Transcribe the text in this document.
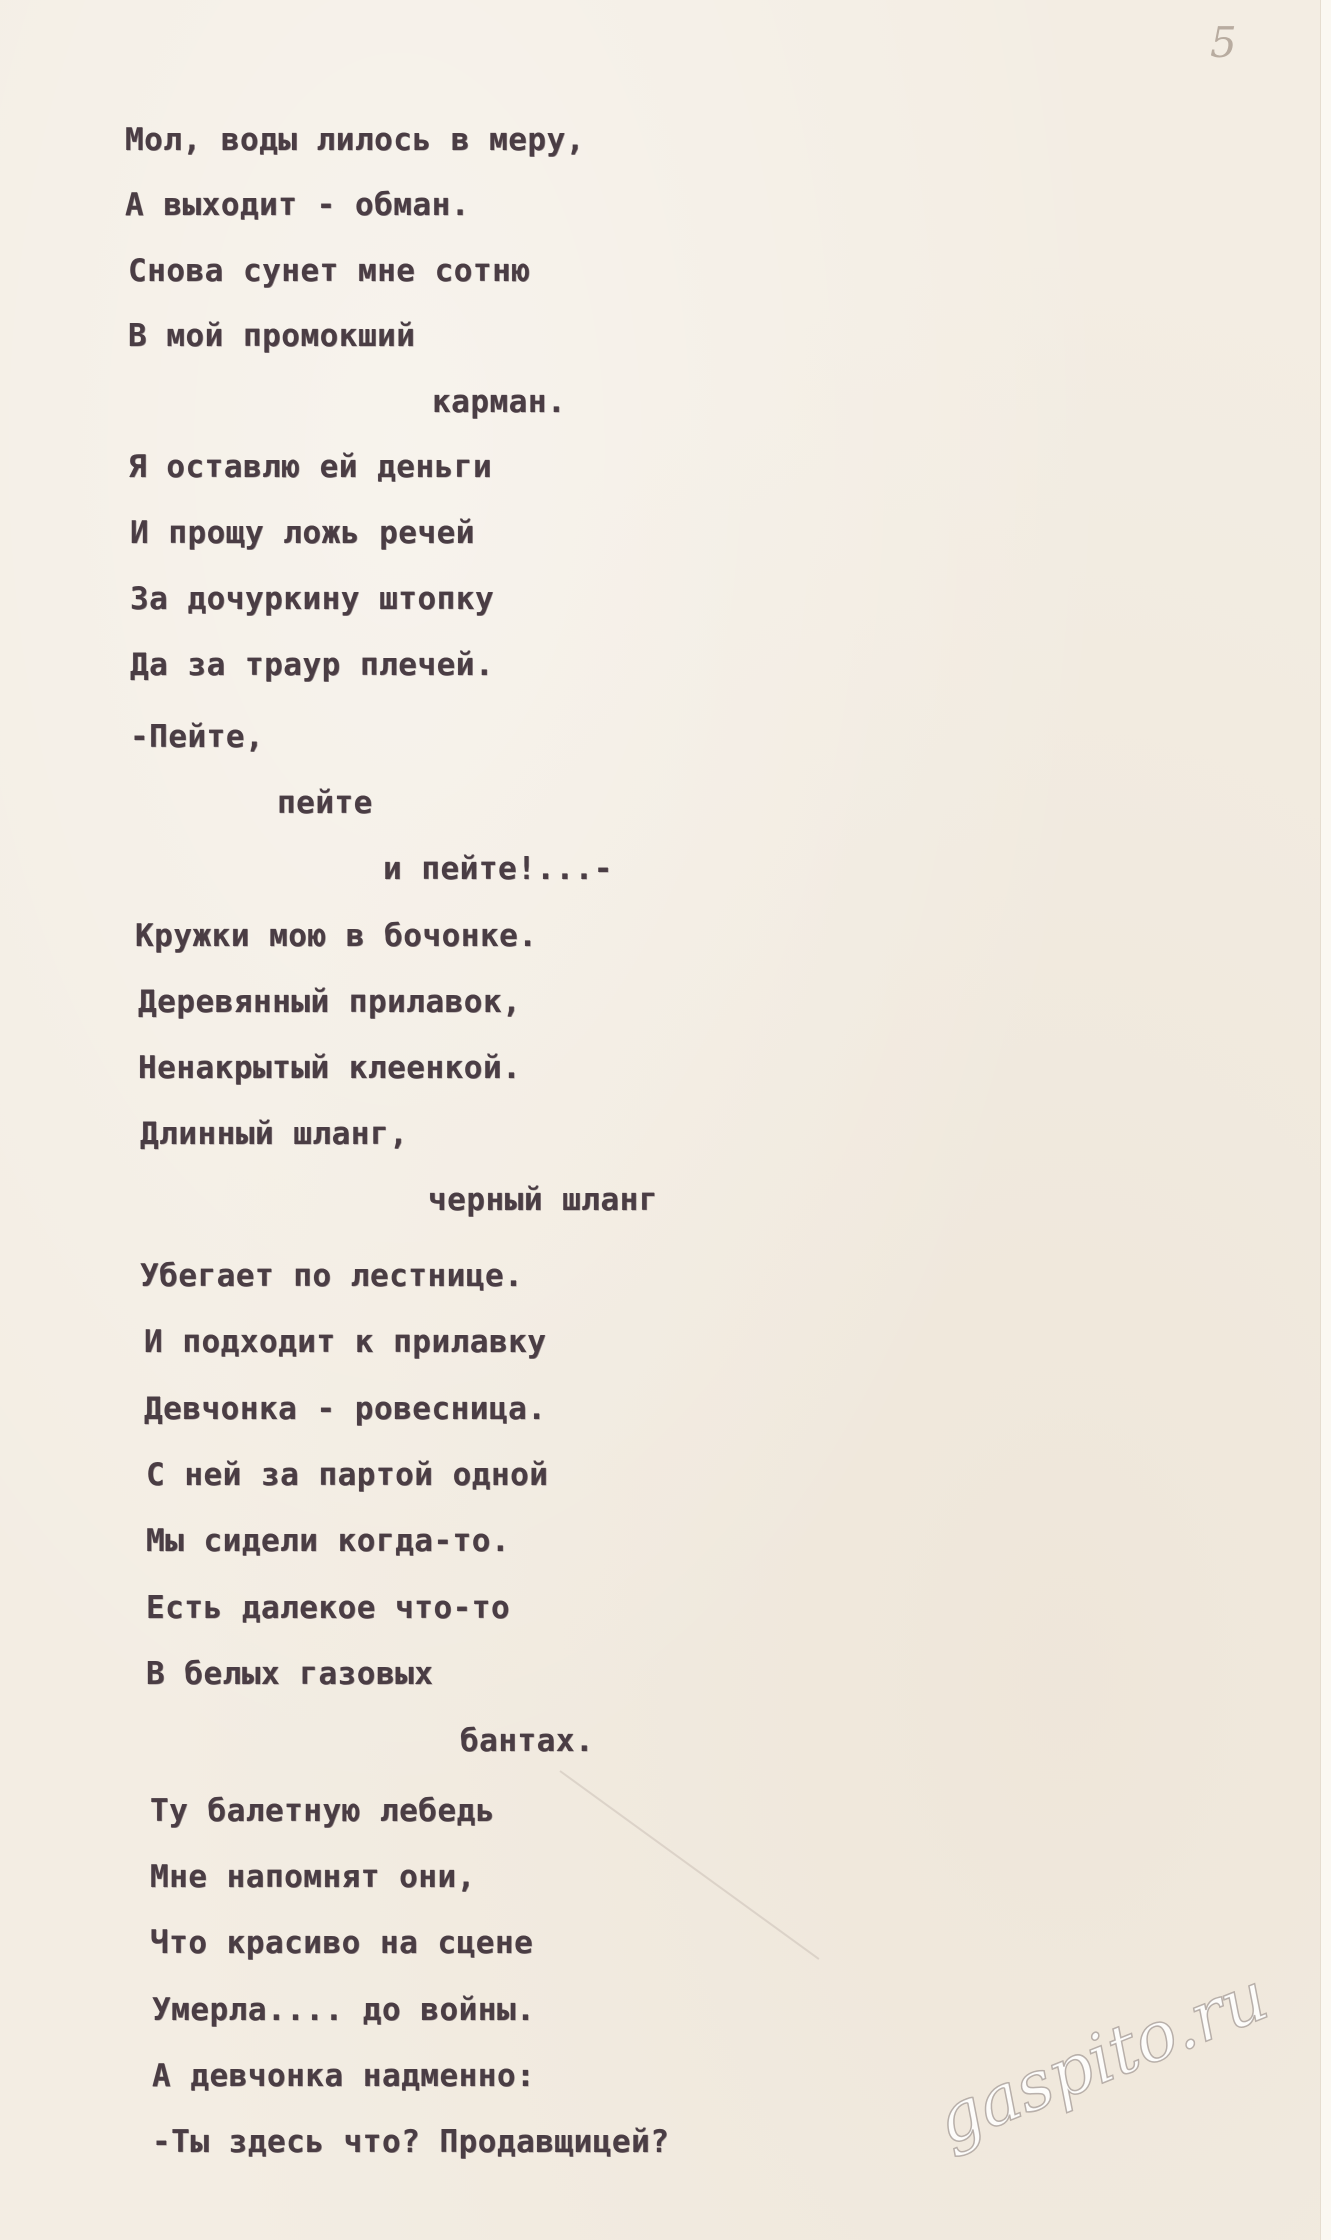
5
Мол, воды лилось в меру,
А выходит - обман.
Снова сунет мне сотню
В мой промокший
карман.
Я оставлю ей деньги
И прощу ложь речей
За дочуркину штопку
Да за траур плечей.
-Пейте,
пейте
и пейте!...-
Кружки мою в бочонке.
Деревянный прилавок,
Ненакрытый клеенкой.
Длинный шланг,
черный шланг
Убегает по лестнице.
И подходит к прилавку
Девчонка - ровесница.
С ней за партой одной
Мы сидели когда-то.
Есть далекое что-то
В белых газовых
бантах.
Ту балетную лебедь
Мне напомнят они,
Что красиво на сцене
Умерла.... до войны.
А девчонка надменно:
-Ты здесь что? Продавщицей?	gaspito.ru
